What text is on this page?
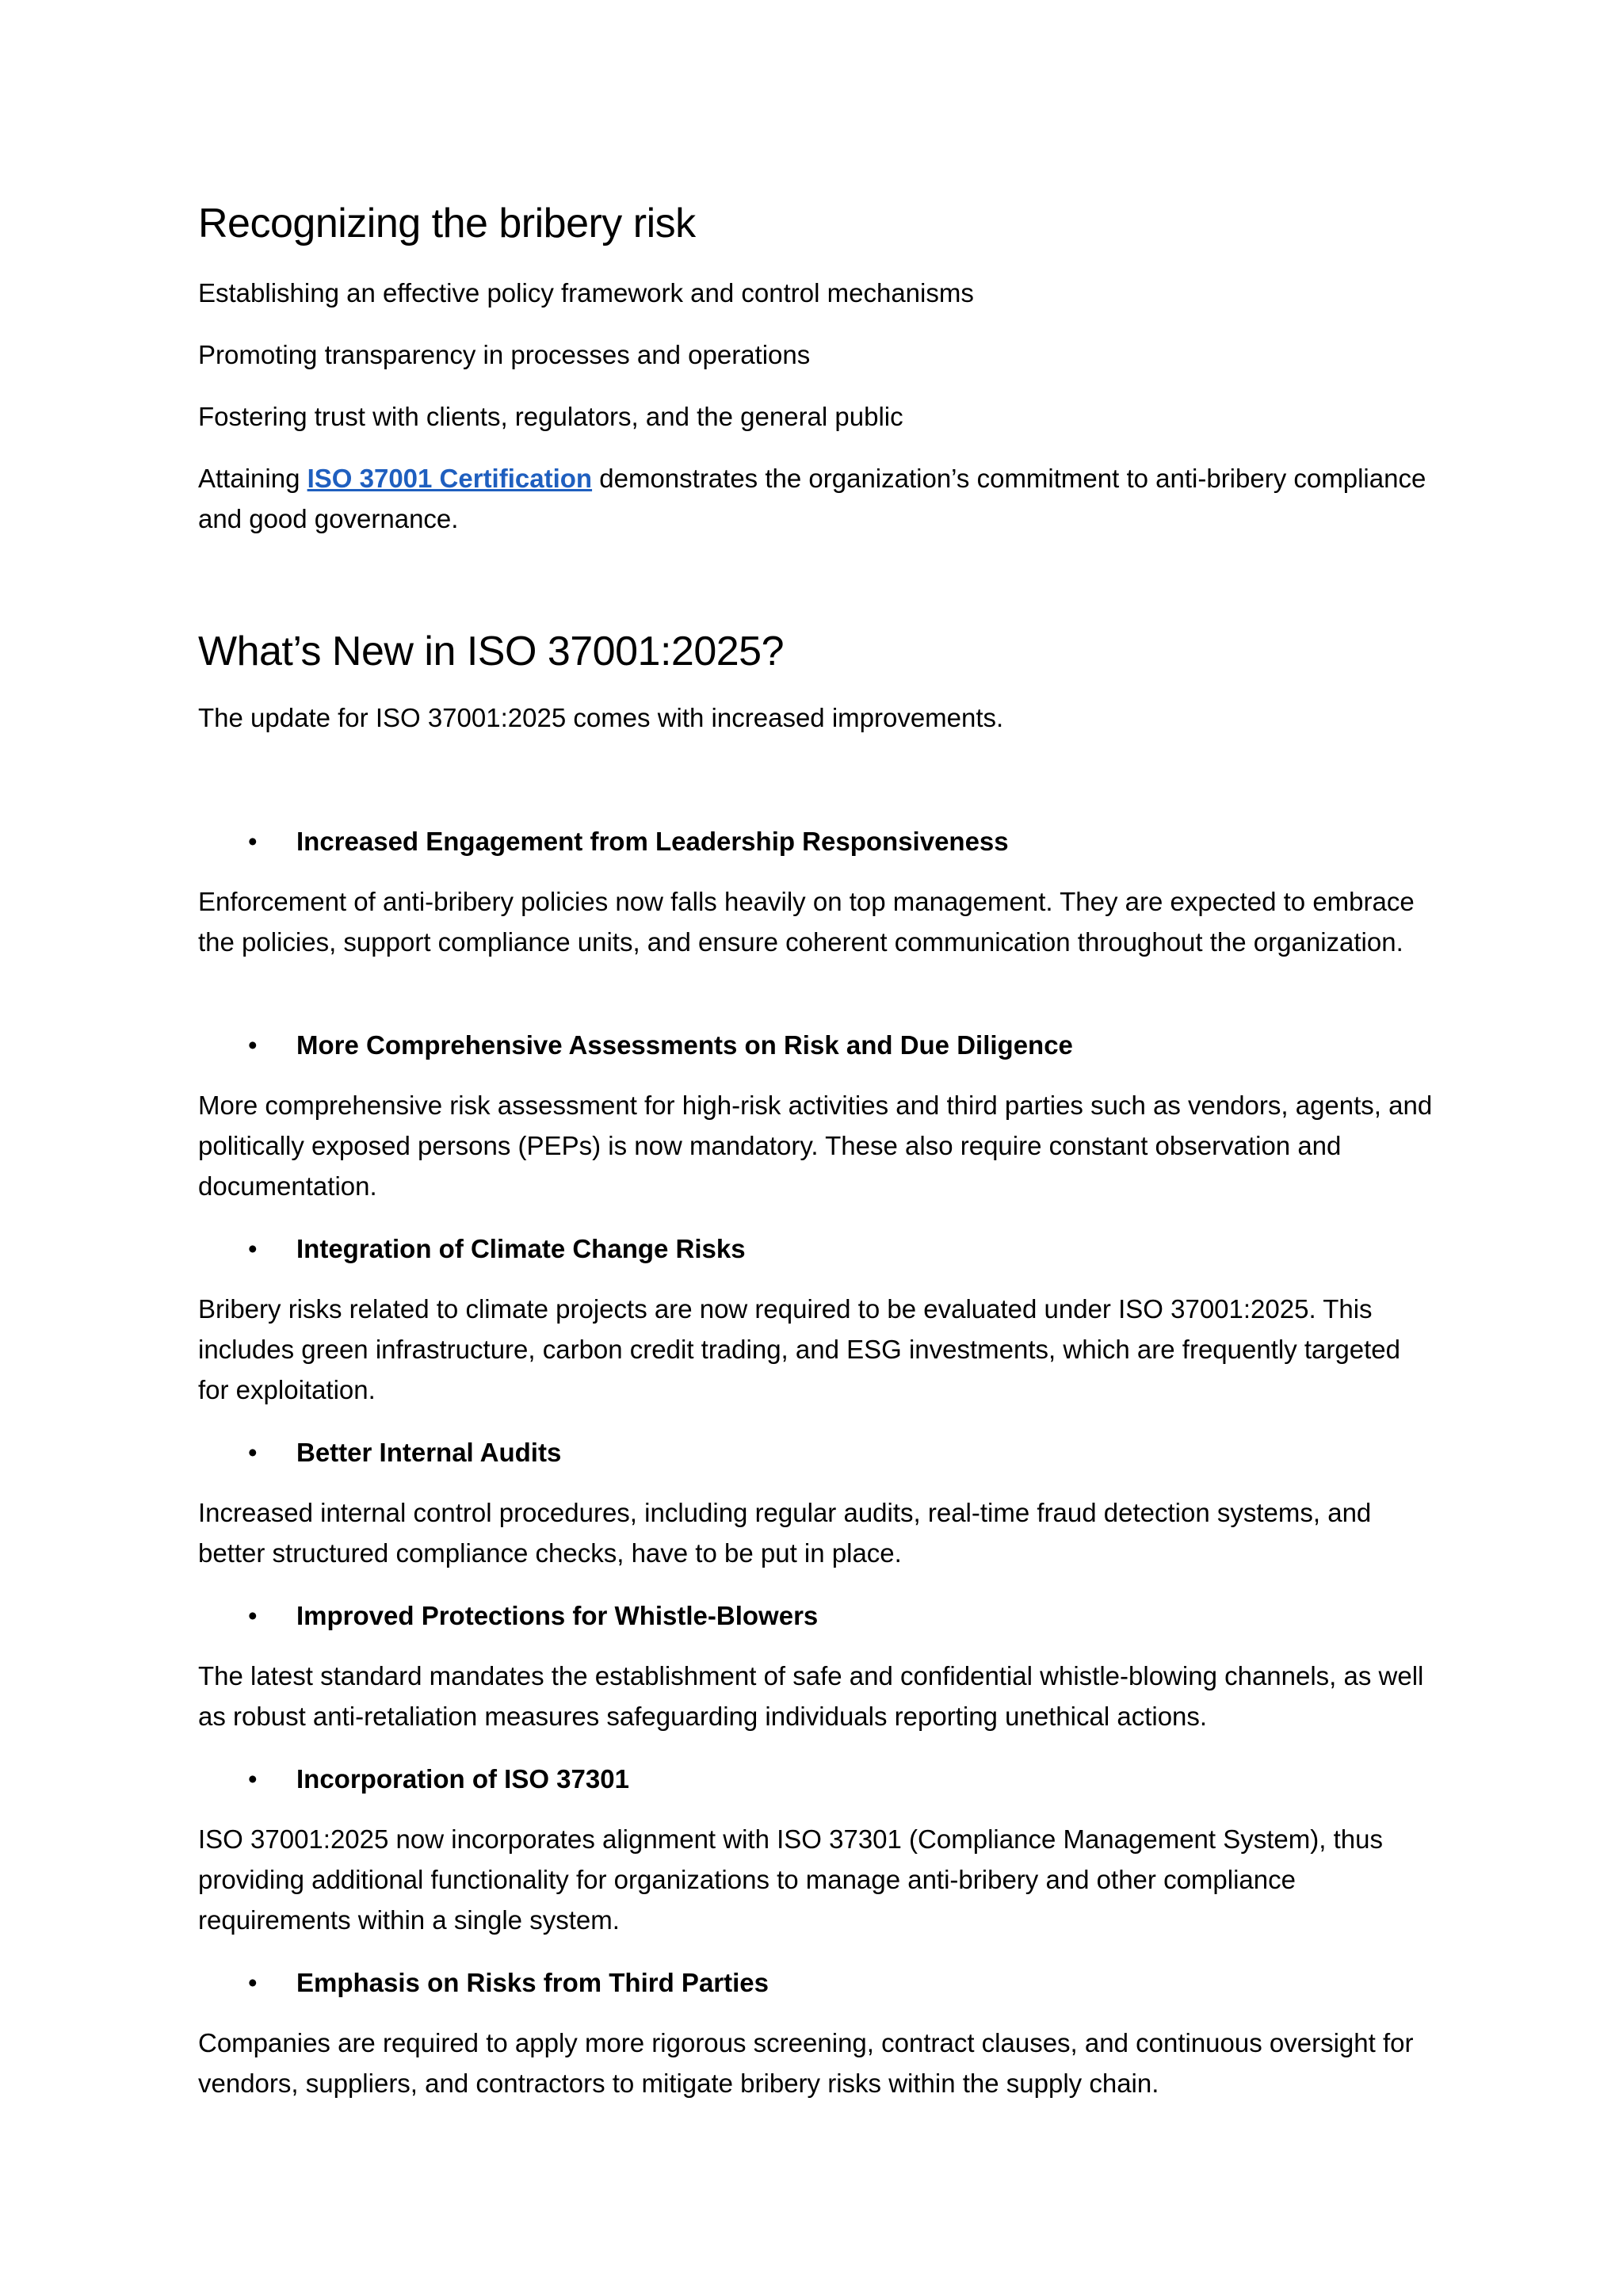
Recognizing the bribery risk

Establishing an effective policy framework and control mechanisms

Promoting transparency in processes and operations

Fostering trust with clients, regulators, and the general public

Attaining ISO 37001 Certification demonstrates the organization’s commitment to anti-bribery compliance and good governance.

What’s New in ISO 37001:2025?

The update for ISO 37001:2025 comes with increased improvements.

• Increased Engagement from Leadership Responsiveness

Enforcement of anti-bribery policies now falls heavily on top management. They are expected to embrace the policies, support compliance units, and ensure coherent communication throughout the organization.

• More Comprehensive Assessments on Risk and Due Diligence

More comprehensive risk assessment for high-risk activities and third parties such as vendors, agents, and politically exposed persons (PEPs) is now mandatory. These also require constant observation and documentation.

• Integration of Climate Change Risks

Bribery risks related to climate projects are now required to be evaluated under ISO 37001:2025. This includes green infrastructure, carbon credit trading, and ESG investments, which are frequently targeted for exploitation.

• Better Internal Audits

Increased internal control procedures, including regular audits, real-time fraud detection systems, and better structured compliance checks, have to be put in place.

• Improved Protections for Whistle-Blowers

The latest standard mandates the establishment of safe and confidential whistle-blowing channels, as well as robust anti-retaliation measures safeguarding individuals reporting unethical actions.

• Incorporation of ISO 37301

ISO 37001:2025 now incorporates alignment with ISO 37301 (Compliance Management System), thus providing additional functionality for organizations to manage anti-bribery and other compliance requirements within a single system.

• Emphasis on Risks from Third Parties

Companies are required to apply more rigorous screening, contract clauses, and continuous oversight for vendors, suppliers, and contractors to mitigate bribery risks within the supply chain.
